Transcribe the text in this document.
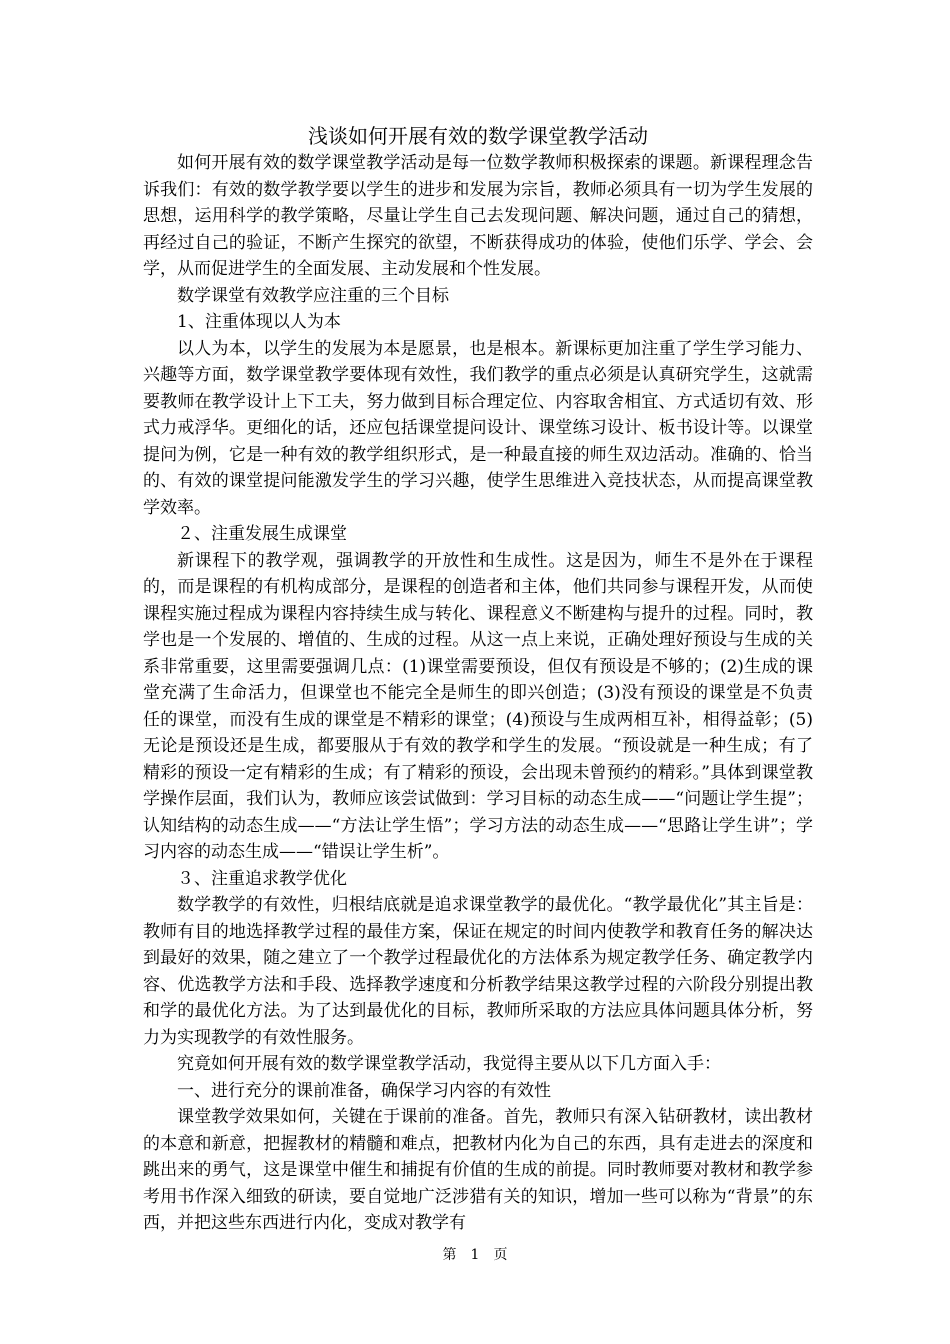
浅谈如何开展有效的数学课堂教学活动

如何开展有效的数学课堂教学活动是每一位数学教师积极探索的课题。新课程理念告诉我们：有效的数学教学要以学生的进步和发展为宗旨，教师必须具有一切为学生发展的思想，运用科学的教学策略，尽量让学生自己去发现问题、解决问题，通过自己的猜想，再经过自己的验证，不断产生探究的欲望，不断获得成功的体验，使他们乐学、学会、会学，从而促进学生的全面发展、主动发展和个性发展。

数学课堂有效教学应注重的三个目标

1、注重体现以人为本

以人为本，以学生的发展为本是愿景，也是根本。新课标更加注重了学生学习能力、兴趣等方面，数学课堂教学要体现有效性，我们教学的重点必须是认真研究学生，这就需要教师在教学设计上下工夫，努力做到目标合理定位、内容取舍相宜、方式适切有效、形式力戒浮华。更细化的话，还应包括课堂提问设计、课堂练习设计、板书设计等。以课堂提问为例，它是一种有效的教学组织形式，是一种最直接的师生双边活动。准确的、恰当的、有效的课堂提问能激发学生的学习兴趣，使学生思维进入竞技状态，从而提高课堂教学效率。

２、注重发展生成课堂

新课程下的教学观，强调教学的开放性和生成性。这是因为，师生不是外在于课程的，而是课程的有机构成部分，是课程的创造者和主体，他们共同参与课程开发，从而使课程实施过程成为课程内容持续生成与转化、课程意义不断建构与提升的过程。同时，教学也是一个发展的、增值的、生成的过程。从这一点上来说，正确处理好预设与生成的关系非常重要，这里需要强调几点：(1)课堂需要预设，但仅有预设是不够的；(2)生成的课堂充满了生命活力，但课堂也不能完全是师生的即兴创造；(3)没有预设的课堂是不负责任的课堂，而没有生成的课堂是不精彩的课堂；(4)预设与生成两相互补，相得益彰；(5)无论是预设还是生成，都要服从于有效的教学和学生的发展。“预设就是一种生成；有了精彩的预设一定有精彩的生成；有了精彩的预设，会出现未曾预约的精彩。”具体到课堂教学操作层面，我们认为，教师应该尝试做到：学习目标的动态生成——“问题让学生提”；认知结构的动态生成——“方法让学生悟”；学习方法的动态生成——“思路让学生讲”；学习内容的动态生成——“错误让学生析”。

３、注重追求教学优化

数学教学的有效性，归根结底就是追求课堂教学的最优化。“教学最优化”其主旨是：教师有目的地选择教学过程的最佳方案，保证在规定的时间内使教学和教育任务的解决达到最好的效果，随之建立了一个教学过程最优化的方法体系为规定教学任务、确定教学内容、优选教学方法和手段、选择教学速度和分析教学结果这教学过程的六阶段分别提出教和学的最优化方法。为了达到最优化的目标，教师所采取的方法应具体问题具体分析，努力为实现教学的有效性服务。

究竟如何开展有效的数学课堂教学活动，我觉得主要从以下几方面入手：

一、进行充分的课前准备，确保学习内容的有效性

课堂教学效果如何，关键在于课前的准备。首先，教师只有深入钻研教材，读出教材的本意和新意，把握教材的精髓和难点，把教材内化为自己的东西，具有走进去的深度和跳出来的勇气，这是课堂中催生和捕捉有价值的生成的前提。同时教师要对教材和教学参考用书作深入细致的研读，要自觉地广泛涉猎有关的知识，增加一些可以称为“背景”的东西，并把这些东西进行内化，变成对教学有

第　1　页
